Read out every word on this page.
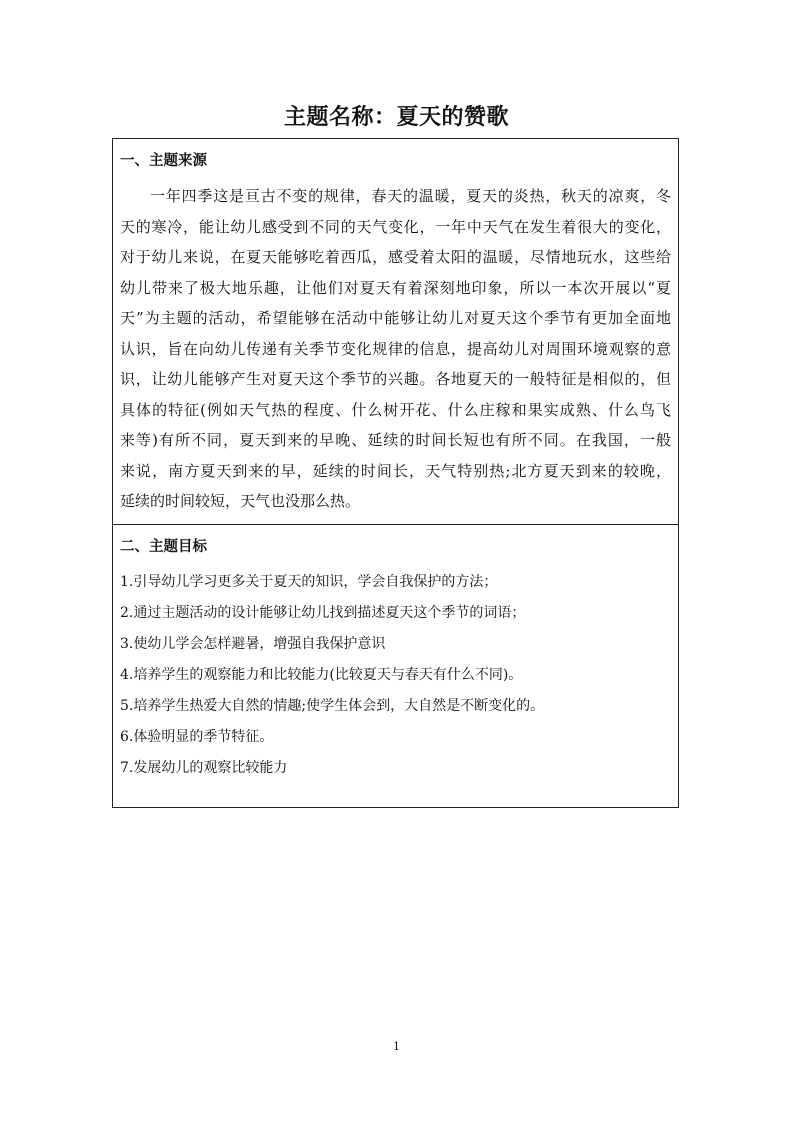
主题名称：夏天的赞歌
一、主题来源
一年四季这是亘古不变的规律，春天的温暖，夏天的炎热，秋天的凉爽，冬
天的寒冷，能让幼儿感受到不同的天气变化，一年中天气在发生着很大的变化，
对于幼儿来说，在夏天能够吃着西瓜，感受着太阳的温暖，尽情地玩水，这些给
幼儿带来了极大地乐趣，让他们对夏天有着深刻地印象，所以一本次开展以“夏
天”为主题的活动，希望能够在活动中能够让幼儿对夏天这个季节有更加全面地
认识，旨在向幼儿传递有关季节变化规律的信息，提高幼儿对周围环境观察的意
识，让幼儿能够产生对夏天这个季节的兴趣。各地夏天的一般特征是相似的，但
具体的特征(例如天气热的程度、什么树开花、什么庄稼和果实成熟、什么鸟飞
来等)有所不同，夏天到来的早晚、延续的时间长短也有所不同。在我国，一般
来说，南方夏天到来的早，延续的时间长，天气特别热;北方夏天到来的较晚，
延续的时间较短，天气也没那么热。
二、主题目标
1.引导幼儿学习更多关于夏天的知识，学会自我保护的方法；
2.通过主题活动的设计能够让幼儿找到描述夏天这个季节的词语；
3.使幼儿学会怎样避暑，增强自我保护意识
4.培养学生的观察能力和比较能力(比较夏天与春天有什么不同)。
5.培养学生热爱大自然的情趣;使学生体会到，大自然是不断变化的。
6.体验明显的季节特征。
7.发展幼儿的观察比较能力
1
